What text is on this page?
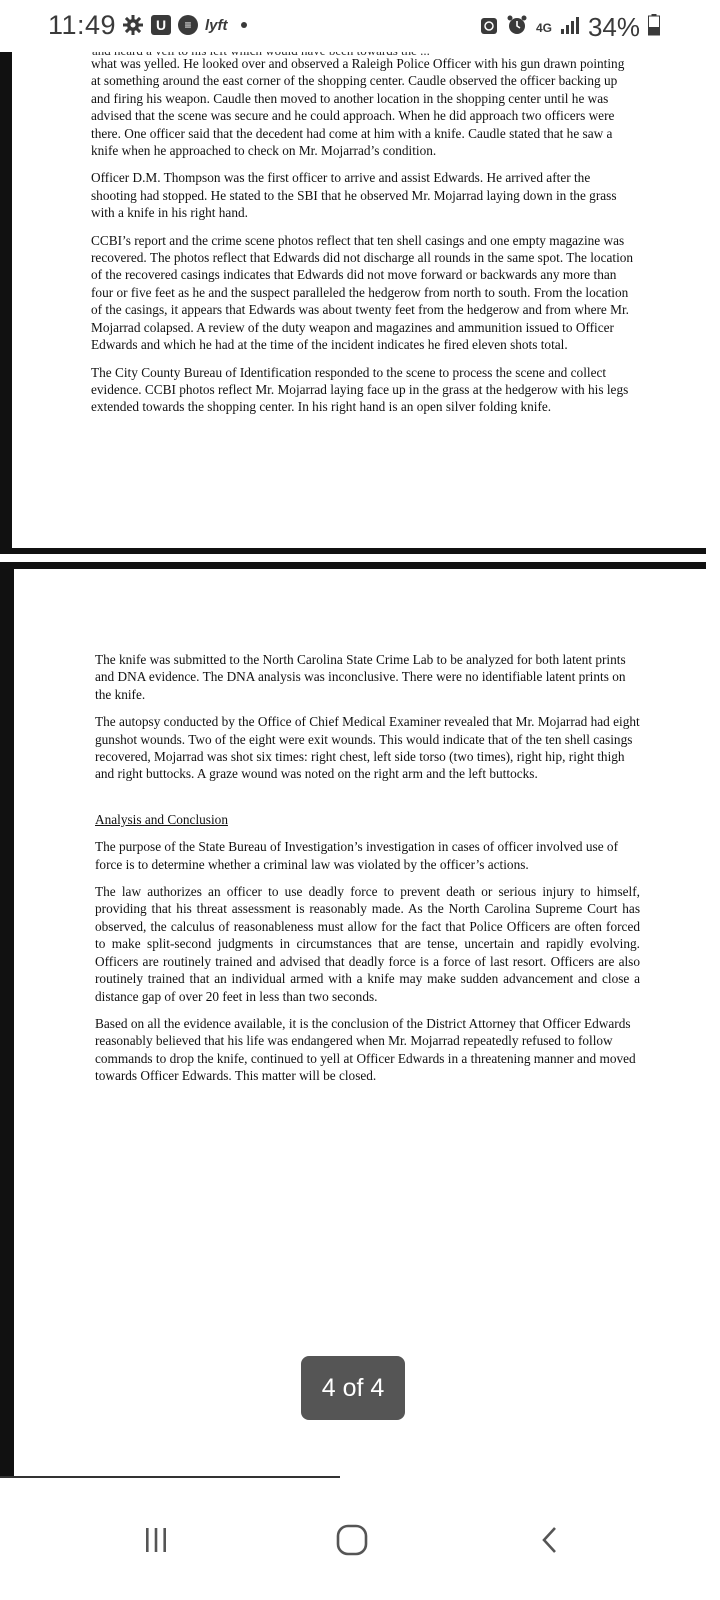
11:49	U	≡ lyft	4G 34%

what was yelled. He looked over and observed a Raleigh Police Officer with his gun drawn pointing at something around the east corner of the shopping center. Caudle observed the officer backing up and firing his weapon. Caudle then moved to another location in the shopping center until he was advised that the scene was secure and he could approach. When he did approach two officers were there. One officer said that the decedent had come at him with a knife. Caudle stated that he saw a knife when he approached to check on Mr. Mojarrad’s condition.

Officer D.M. Thompson was the first officer to arrive and assist Edwards. He arrived after the shooting had stopped. He stated to the SBI that he observed Mr. Mojarrad laying down in the grass with a knife in his right hand.

CCBI’s report and the crime scene photos reflect that ten shell casings and one empty magazine was recovered. The photos reflect that Edwards did not discharge all rounds in the same spot. The location of the recovered casings indicates that Edwards did not move forward or backwards any more than four or five feet as he and the suspect paralleled the hedgerow from north to south. From the location of the casings, it appears that Edwards was about twenty feet from the hedgerow and from where Mr. Mojarrad colapsed. A review of the duty weapon and magazines and ammunition issued to Officer Edwards and which he had at the time of the incident indicates he fired eleven shots total.

The City County Bureau of Identification responded to the scene to process the scene and collect evidence. CCBI photos reflect Mr. Mojarrad laying face up in the grass at the hedgerow with his legs extended towards the shopping center. In his right hand is an open silver folding knife.

The knife was submitted to the North Carolina State Crime Lab to be analyzed for both latent prints and DNA evidence. The DNA analysis was inconclusive. There were no identifiable latent prints on the knife.

The autopsy conducted by the Office of Chief Medical Examiner revealed that Mr. Mojarrad had eight gunshot wounds. Two of the eight were exit wounds. This would indicate that of the ten shell casings recovered, Mojarrad was shot six times: right chest, left side torso (two times), right hip, right thigh and right buttocks. A graze wound was noted on the right arm and the left buttocks.

Analysis and Conclusion

The purpose of the State Bureau of Investigation’s investigation in cases of officer involved use of force is to determine whether a criminal law was violated by the officer’s actions.

The law authorizes an officer to use deadly force to prevent death or serious injury to himself, providing that his threat assessment is reasonably made. As the North Carolina Supreme Court has observed, the calculus of reasonableness must allow for the fact that Police Officers are often forced to make split-second judgments in circumstances that are tense, uncertain and rapidly evolving. Officers are routinely trained and advised that deadly force is a force of last resort. Officers are also routinely trained that an individual armed with a knife may make sudden advancement and close a distance gap of over 20 feet in less than two seconds.

Based on all the evidence available, it is the conclusion of the District Attorney that Officer Edwards reasonably believed that his life was endangered when Mr. Mojarrad repeatedly refused to follow commands to drop the knife, continued to yell at Officer Edwards in a threatening manner and moved towards Officer Edwards. This matter will be closed.

4 of 4
